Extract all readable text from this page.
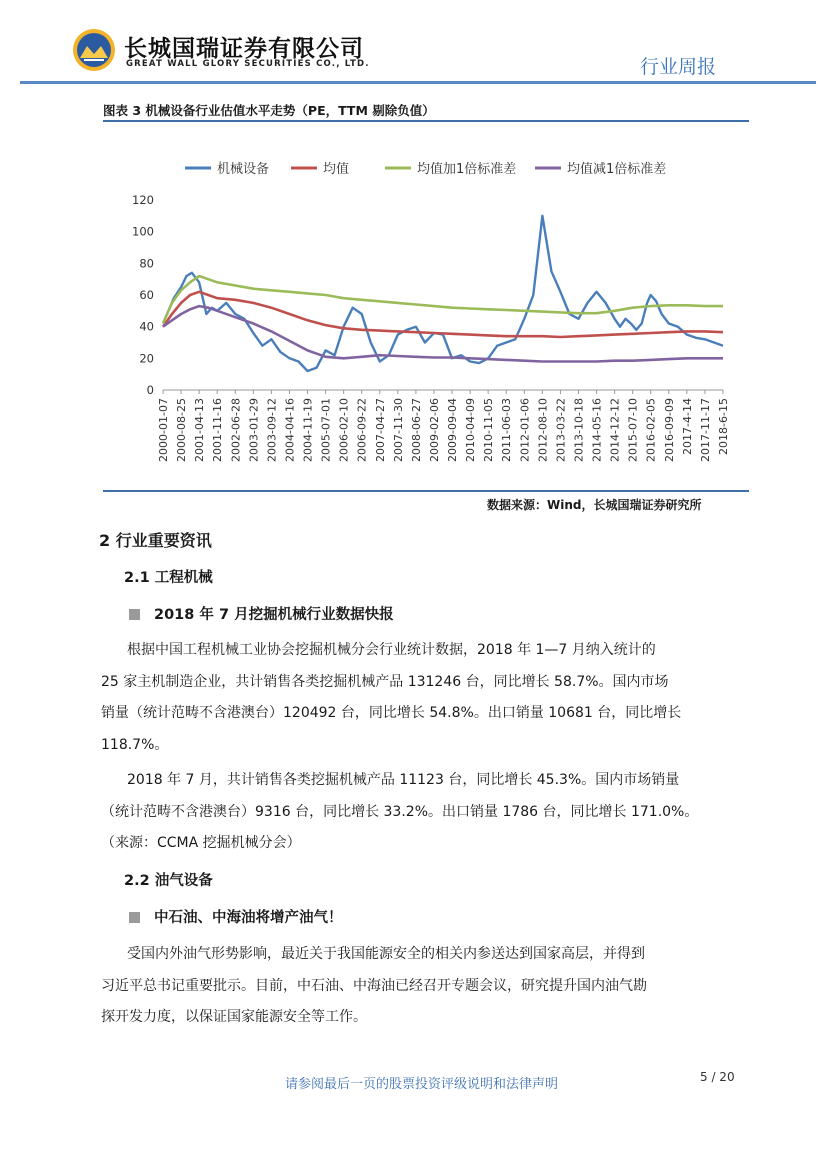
长城国瑞证券有限公司
GREAT WALL GLORY SECURITIES CO., LTD.	行业周报
图表 3 机械设备行业估值水平走势（PE，TTM 剔除负值）
机械设备	均值	均值加1倍标准差	均值减1倍标准差
0
20
40
60
80
100
120
2000-01-07 2000-08-25 2001-04-13 2001-11-16 2002-06-28 2003-01-29 2003-09-12 2004-04-16 2004-11-19 2005-07-01 2006-02-10 2006-09-22 2007-04-27 2007-11-30 2008-06-27 2009-02-06 2009-09-04 2010-04-09 2010-11-05 2011-06-03 2012-01-06 2012-08-10 2013-03-22 2013-10-18 2014-05-16 2014-12-12 2015-07-10 2016-02-05 2016-09-09 2017-4-14 2017-11-17 2018-6-15
数据来源：Wind，长城国瑞证券研究所
2 行业重要资讯
2.1 工程机械
2018 年 7 月挖掘机械行业数据快报
根据中国工程机械工业协会挖掘机械分会行业统计数据，2018 年 1—7 月纳入统计的
25 家主机制造企业，共计销售各类挖掘机械产品 131246 台，同比增长 58.7%。国内市场
销量（统计范畴不含港澳台）120492 台，同比增长 54.8%。出口销量 10681 台，同比增长
118.7%。
2018 年 7 月，共计销售各类挖掘机械产品 11123 台，同比增长 45.3%。国内市场销量
（统计范畴不含港澳台）9316 台，同比增长 33.2%。出口销量 1786 台，同比增长 171.0%。
（来源：CCMA 挖掘机械分会）
2.2 油气设备
中石油、中海油将增产油气！
受国内外油气形势影响，最近关于我国能源安全的相关内参送达到国家高层，并得到
习近平总书记重要批示。目前，中石油、中海油已经召开专题会议，研究提升国内油气勘
探开发力度，以保证国家能源安全等工作。
请参阅最后一页的股票投资评级说明和法律声明	5 / 20
